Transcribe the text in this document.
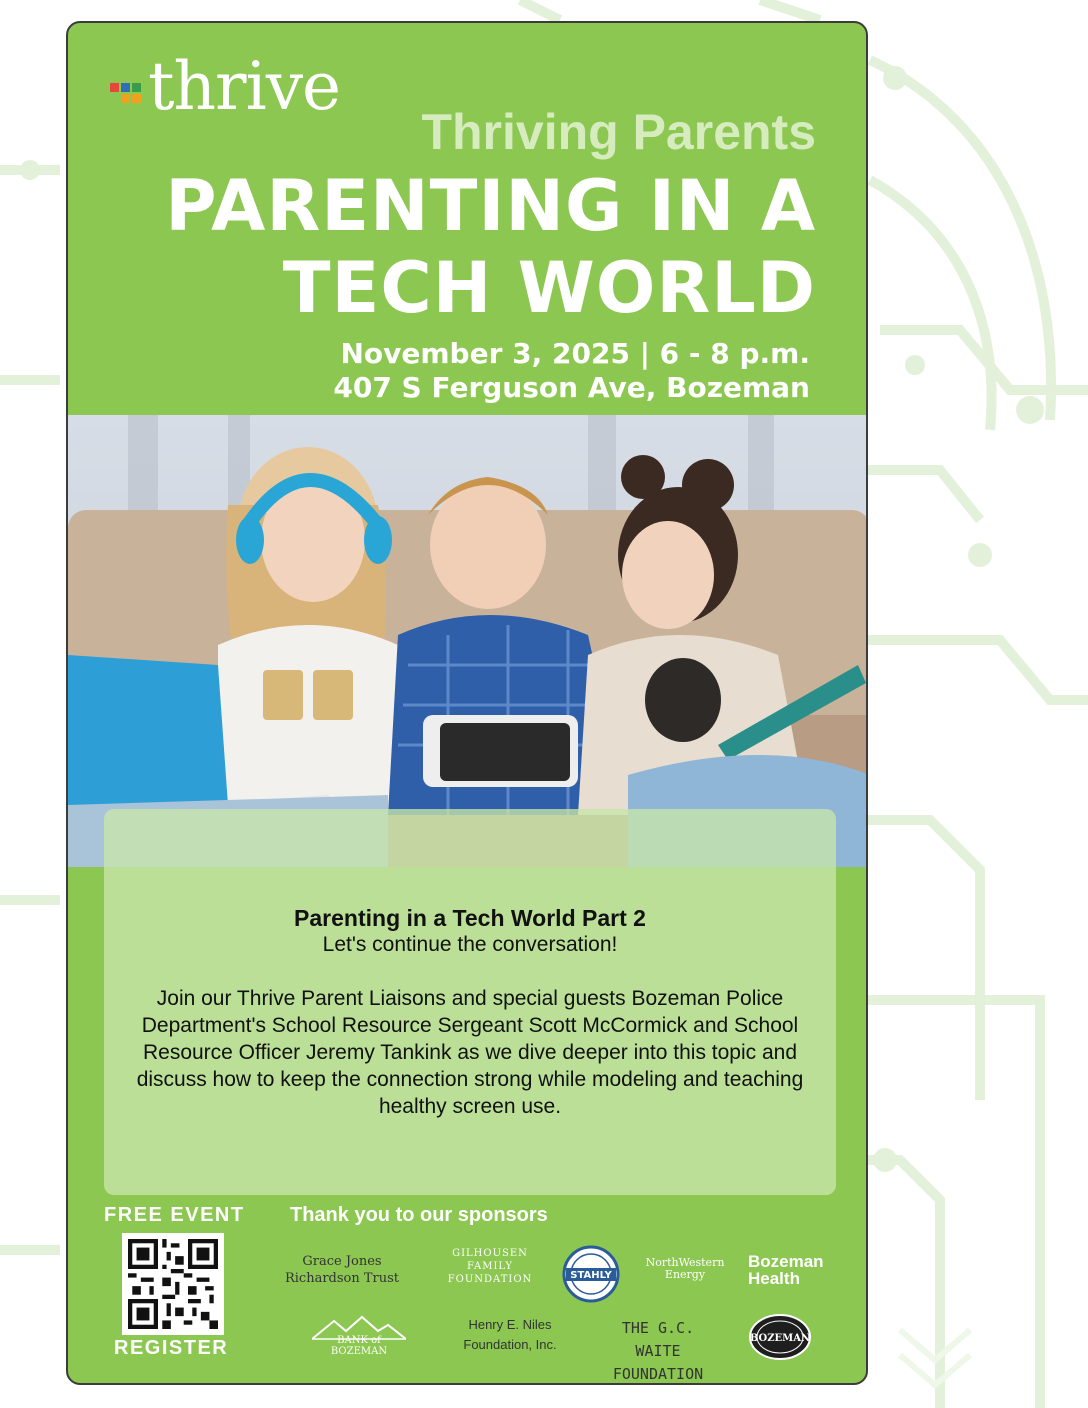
thrive
Thriving Parents
PARENTING IN A
TECH WORLD
November 3, 2025 | 6 - 8 p.m.
407 S Ferguson Ave, Bozeman
Parenting in a Tech World Part 2
Let's continue the conversation!
Join our Thrive Parent Liaisons and special guests Bozeman Police Department's School Resource Sergeant Scott McCormick and School Resource Officer Jeremy Tankink as we dive deeper into this topic and discuss how to keep the connection strong while modeling and teaching healthy screen use.
FREE EVENT
REGISTER
Thank you to our sponsors
Grace Jones
Richardson Trust
GILHOUSEN
FAMILY
FOUNDATION	STAHLY
NorthWestern
Energy
Bozeman
Health

BANK of BOZEMAN

Henry E. Niles
Foundation, Inc.
THE G.C. WAITE
FOUNDATION
BOZEMAN
